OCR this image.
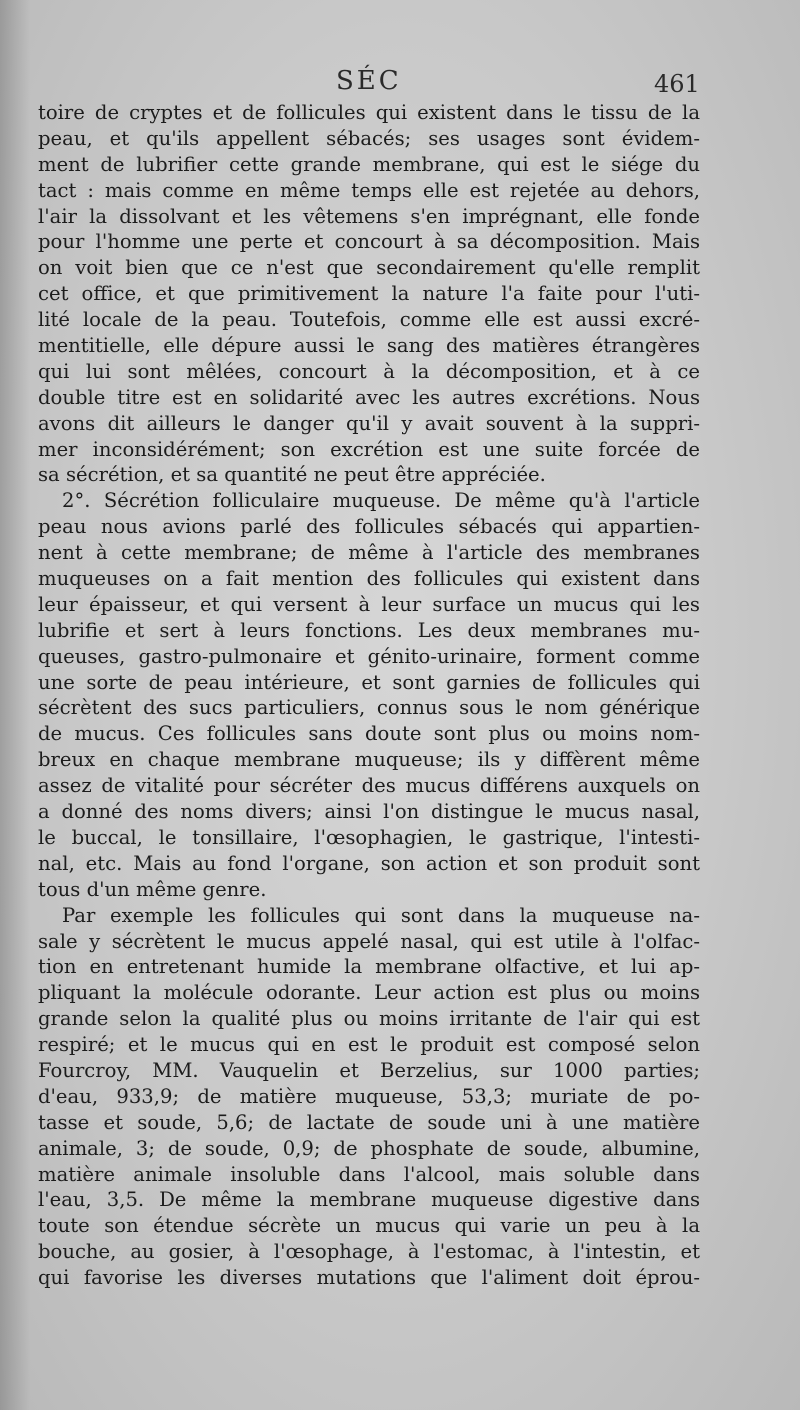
SÉC	461
toire de cryptes et de follicules qui existent dans le tissu de la
peau, et qu'ils appellent sébacés; ses usages sont évidem-
ment de lubrifier cette grande membrane, qui est le siége du
tact : mais comme en même temps elle est rejetée au dehors,
l'air la dissolvant et les vêtemens s'en imprégnant, elle fonde
pour l'homme une perte et concourt à sa décomposition. Mais
on voit bien que ce n'est que secondairement qu'elle remplit
cet office, et que primitivement la nature l'a faite pour l'uti-
lité locale de la peau. Toutefois, comme elle est aussi excré-
mentitielle, elle dépure aussi le sang des matières étrangères
qui lui sont mêlées, concourt à la décomposition, et à ce
double titre est en solidarité avec les autres excrétions. Nous
avons dit ailleurs le danger qu'il y avait souvent à la suppri-
mer inconsidérément; son excrétion est une suite forcée de
sa sécrétion, et sa quantité ne peut être appréciée.
2°. Sécrétion folliculaire muqueuse. De même qu'à l'article
peau nous avions parlé des follicules sébacés qui appartien-
nent à cette membrane; de même à l'article des membranes
muqueuses on a fait mention des follicules qui existent dans
leur épaisseur, et qui versent à leur surface un mucus qui les
lubrifie et sert à leurs fonctions. Les deux membranes mu-
queuses, gastro-pulmonaire et génito-urinaire, forment comme
une sorte de peau intérieure, et sont garnies de follicules qui
sécrètent des sucs particuliers, connus sous le nom générique
de mucus. Ces follicules sans doute sont plus ou moins nom-
breux en chaque membrane muqueuse; ils y diffèrent même
assez de vitalité pour sécréter des mucus différens auxquels on
a donné des noms divers; ainsi l'on distingue le mucus nasal,
le buccal, le tonsillaire, l'œsophagien, le gastrique, l'intesti-
nal, etc. Mais au fond l'organe, son action et son produit sont
tous d'un même genre.
Par exemple les follicules qui sont dans la muqueuse na-
sale y sécrètent le mucus appelé nasal, qui est utile à l'olfac-
tion en entretenant humide la membrane olfactive, et lui ap-
pliquant la molécule odorante. Leur action est plus ou moins
grande selon la qualité plus ou moins irritante de l'air qui est
respiré; et le mucus qui en est le produit est composé selon
Fourcroy, MM. Vauquelin et Berzelius, sur 1000 parties;
d'eau, 933,9; de matière muqueuse, 53,3; muriate de po-
tasse et soude, 5,6; de lactate de soude uni à une matière
animale, 3; de soude, 0,9; de phosphate de soude, albumine,
matière animale insoluble dans l'alcool, mais soluble dans
l'eau, 3,5. De même la membrane muqueuse digestive dans
toute son étendue sécrète un mucus qui varie un peu à la
bouche, au gosier, à l'œsophage, à l'estomac, à l'intestin, et
qui favorise les diverses mutations que l'aliment doit éprou-
